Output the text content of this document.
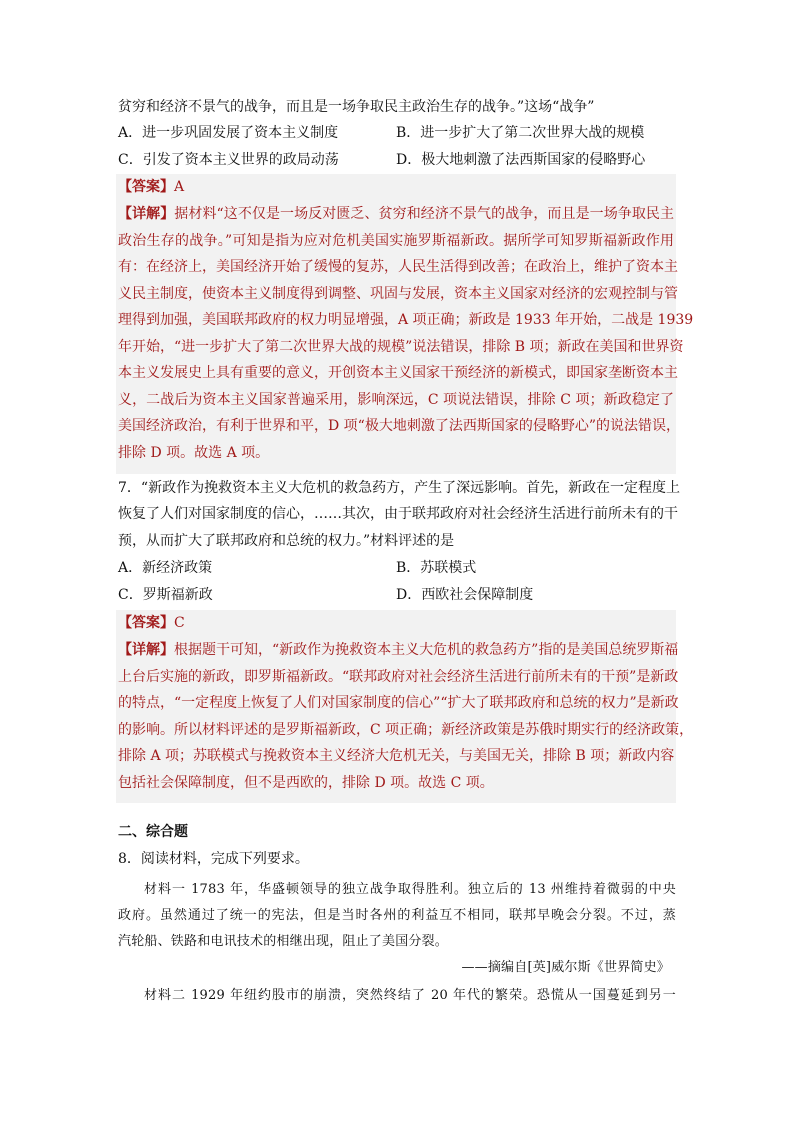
贫穷和经济不景气的战争，而且是一场争取民主政治生存的战争。”这场“战争”
A．进一步巩固发展了资本主义制度	B．进一步扩大了第二次世界大战的规模
C．引发了资本主义世界的政局动荡	D．极大地刺激了法西斯国家的侵略野心
【答案】A
【详解】据材料“这不仅是一场反对匮乏、贫穷和经济不景气的战争，而且是一场争取民主
政治生存的战争。”可知是指为应对危机美国实施罗斯福新政。据所学可知罗斯福新政作用
有：在经济上，美国经济开始了缓慢的复苏，人民生活得到改善；在政治上，维护了资本主
义民主制度，使资本主义制度得到调整、巩固与发展，资本主义国家对经济的宏观控制与管
理得到加强，美国联邦政府的权力明显增强，A 项正确；新政是 1933 年开始，二战是 1939
年开始，“进一步扩大了第二次世界大战的规模”说法错误，排除 B 项；新政在美国和世界资
本主义发展史上具有重要的意义，开创资本主义国家干预经济的新模式，即国家垄断资本主
义，二战后为资本主义国家普遍采用，影响深远，C 项说法错误，排除 C 项；新政稳定了
美国经济政治，有利于世界和平，D 项“极大地刺激了法西斯国家的侵略野心”的说法错误，
排除 D 项。故选 A 项。
7．“新政作为挽救资本主义大危机的救急药方，产生了深远影响。首先，新政在一定程度上
恢复了人们对国家制度的信心，……其次，由于联邦政府对社会经济生活进行前所未有的干
预，从而扩大了联邦政府和总统的权力。”材料评述的是
A．新经济政策	B．苏联模式
C．罗斯福新政	D．西欧社会保障制度
【答案】C
【详解】根据题干可知，“新政作为挽救资本主义大危机的救急药方”指的是美国总统罗斯福
上台后实施的新政，即罗斯福新政。“联邦政府对社会经济生活进行前所未有的干预”是新政
的特点，“一定程度上恢复了人们对国家制度的信心”“扩大了联邦政府和总统的权力”是新政
的影响。所以材料评述的是罗斯福新政，C 项正确；新经济政策是苏俄时期实行的经济政策，
排除 A 项；苏联模式与挽救资本主义经济大危机无关，与美国无关，排除 B 项；新政内容
包括社会保障制度，但不是西欧的，排除 D 项。故选 C 项。
二、综合题
8．阅读材料，完成下列要求。
材料一 1783 年，华盛顿领导的独立战争取得胜利。独立后的 13 州维持着微弱的中央
政府。虽然通过了统一的宪法，但是当时各州的利益互不相同，联邦早晚会分裂。不过，蒸
汽轮船、铁路和电讯技术的相继出现，阻止了美国分裂。
——摘编自[英]威尔斯《世界简史》
材料二 1929 年纽约股市的崩溃，突然终结了 20 年代的繁荣。恐慌从一国蔓延到另一
